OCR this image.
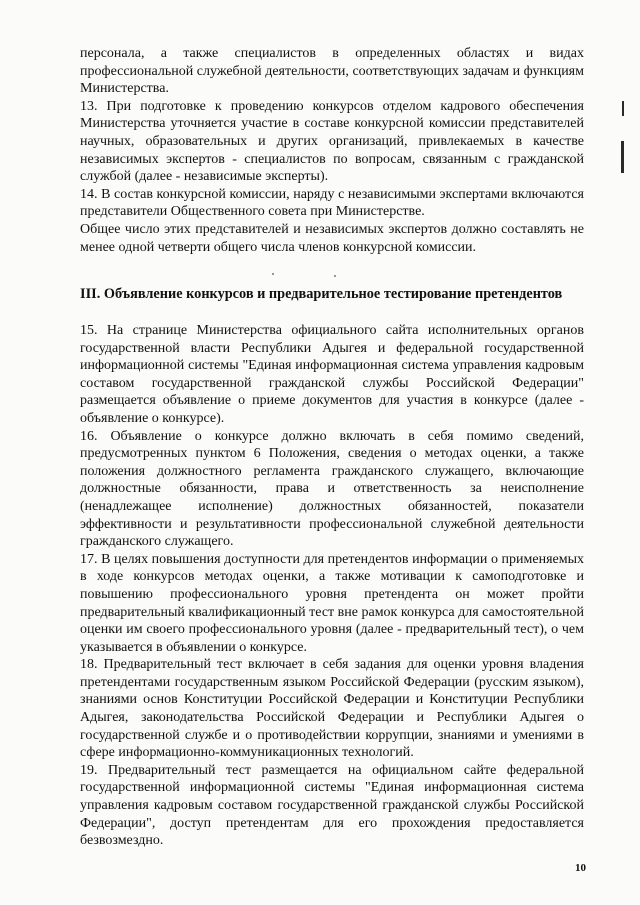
персонала, а также специалистов в определенных областях и видах профессиональной служебной деятельности, соответствующих задачам и функциям Министерства.

13. При подготовке к проведению конкурсов отделом кадрового обеспечения Министерства уточняется участие в составе конкурсной комиссии представителей научных, образовательных и других организаций, привлекаемых в качестве независимых экспертов - специалистов по вопросам, связанным с гражданской службой (далее - независимые эксперты).

14. В состав конкурсной комиссии, наряду с независимыми экспертами включаются представители Общественного совета при Министерстве.

Общее число этих представителей и независимых экспертов должно составлять не менее одной четверти общего числа членов конкурсной комиссии.

III. Объявление конкурсов и предварительное тестирование претендентов

15. На странице Министерства официального сайта исполнительных органов государственной власти Республики Адыгея и федеральной государственной информационной системы "Единая информационная система управления кадровым составом государственной гражданской службы Российской Федерации" размещается объявление о приеме документов для участия в конкурсе (далее - объявление о конкурсе).

16. Объявление о конкурсе должно включать в себя помимо сведений, предусмотренных пунктом 6 Положения, сведения о методах оценки, а также положения должностного регламента гражданского служащего, включающие должностные обязанности, права и ответственность за неисполнение (ненадлежащее исполнение) должностных обязанностей, показатели эффективности и результативности профессиональной служебной деятельности гражданского служащего.

17. В целях повышения доступности для претендентов информации о применяемых в ходе конкурсов методах оценки, а также мотивации к самоподготовке и повышению профессионального уровня претендента он может пройти предварительный квалификационный тест вне рамок конкурса для самостоятельной оценки им своего профессионального уровня (далее - предварительный тест), о чем указывается в объявлении о конкурсе.

18. Предварительный тест включает в себя задания для оценки уровня владения претендентами государственным языком Российской Федерации (русским языком), знаниями основ Конституции Российской Федерации и Конституции Республики Адыгея, законодательства Российской Федерации и Республики Адыгея о государственной службе и о противодействии коррупции, знаниями и умениями в сфере информационно-коммуникационных технологий.

19. Предварительный тест размещается на официальном сайте федеральной государственной информационной системы "Единая информационная система управления кадровым составом государственной гражданской службы Российской Федерации", доступ претендентам для его прохождения предоставляется безвозмездно.

10
